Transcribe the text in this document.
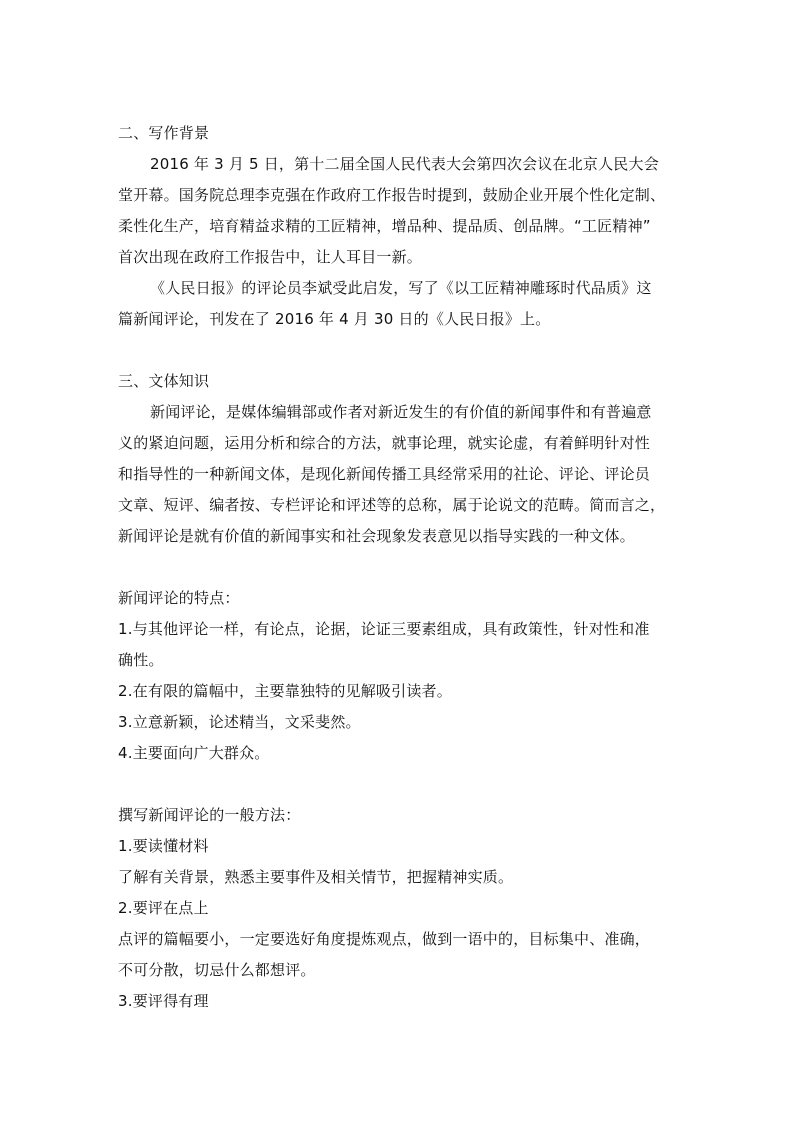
二、写作背景
2016 年 3 月 5 日，第十二届全国人民代表大会第四次会议在北京人民大会
堂开幕。国务院总理李克强在作政府工作报告时提到，鼓励企业开展个性化定制、
柔性化生产，培育精益求精的工匠精神，增品种、提品质、创品牌。“工匠精神”
首次出现在政府工作报告中，让人耳目一新。
《人民日报》的评论员李斌受此启发，写了《以工匠精神雕琢时代品质》这
篇新闻评论，刊发在了 2016 年 4 月 30 日的《人民日报》上。
三、文体知识
新闻评论，是媒体编辑部或作者对新近发生的有价值的新闻事件和有普遍意
义的紧迫问题，运用分析和综合的方法，就事论理，就实论虚，有着鲜明针对性
和指导性的一种新闻文体，是现化新闻传播工具经常采用的社论、评论、评论员
文章、短评、编者按、专栏评论和评述等的总称，属于论说文的范畴。简而言之，
新闻评论是就有价值的新闻事实和社会现象发表意见以指导实践的一种文体。
新闻评论的特点：
1.与其他评论一样，有论点，论据，论证三要素组成，具有政策性，针对性和准
确性。
2.在有限的篇幅中，主要靠独特的见解吸引读者。
3.立意新颖，论述精当，文采斐然。
4.主要面向广大群众。
撰写新闻评论的一般方法：
1.要读懂材料
了解有关背景，熟悉主要事件及相关情节，把握精神实质。
2.要评在点上
点评的篇幅要小，一定要选好角度提炼观点，做到一语中的，目标集中、准确，
不可分散，切忌什么都想评。
3.要评得有理
